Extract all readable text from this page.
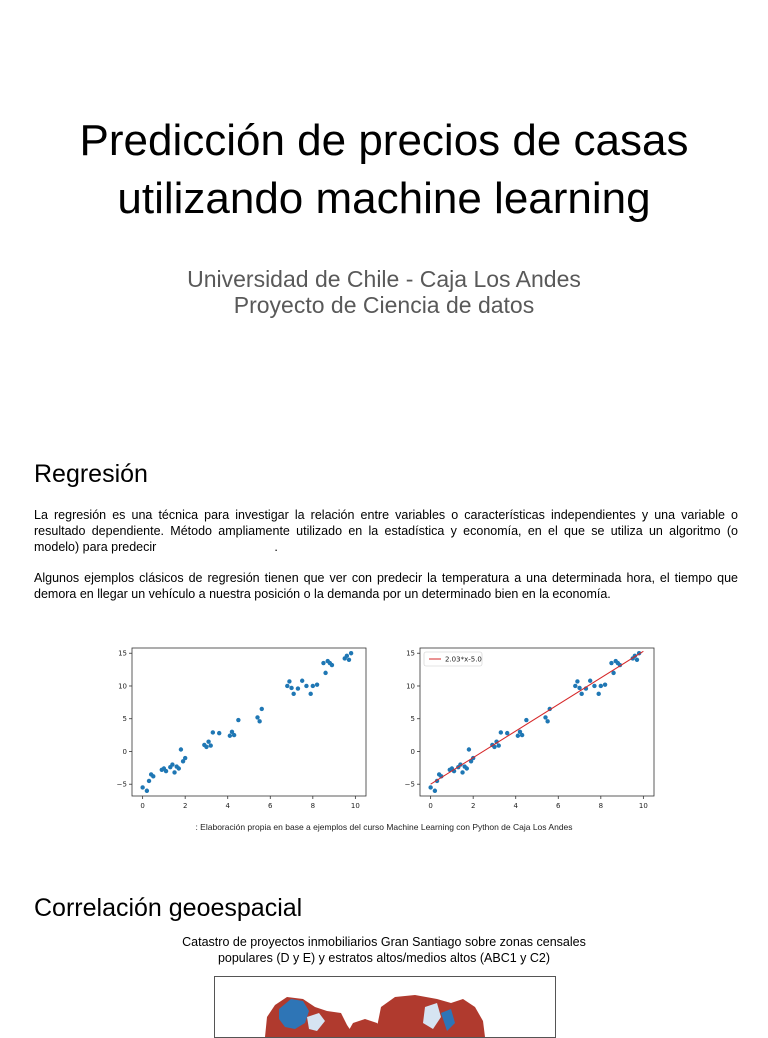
Predicción de precios de casas
utilizando machine learning
Universidad de Chile - Caja Los Andes
Proyecto de Ciencia de datos
Regresión
La regresión es una técnica para investigar la relación entre variables o características independientes y una variable o resultado dependiente. Método ampliamente utilizado en la estadística y economía, en el que se utiliza un algoritmo (o modelo) para predecir                                  .
Algunos ejemplos clásicos de regresión tienen que ver con predecir la temperatura a una determinada hora, el tiempo que demora en llegar un vehículo a nuestra posición o la demanda por un determinado bien en la economía.
0	2	4	6	8	10
−5
0
5
10
15
0	2	4	6	8	10
−5
0
5
10
15
2.03*x-5.0
: Elaboración propia en base a ejemplos del curso Machine Learning con Python de Caja Los Andes
Correlación geoespacial
Catastro de proyectos inmobiliarios Gran Santiago sobre zonas censales
populares (D y E) y estratos altos/medios altos (ABC1 y C2)
